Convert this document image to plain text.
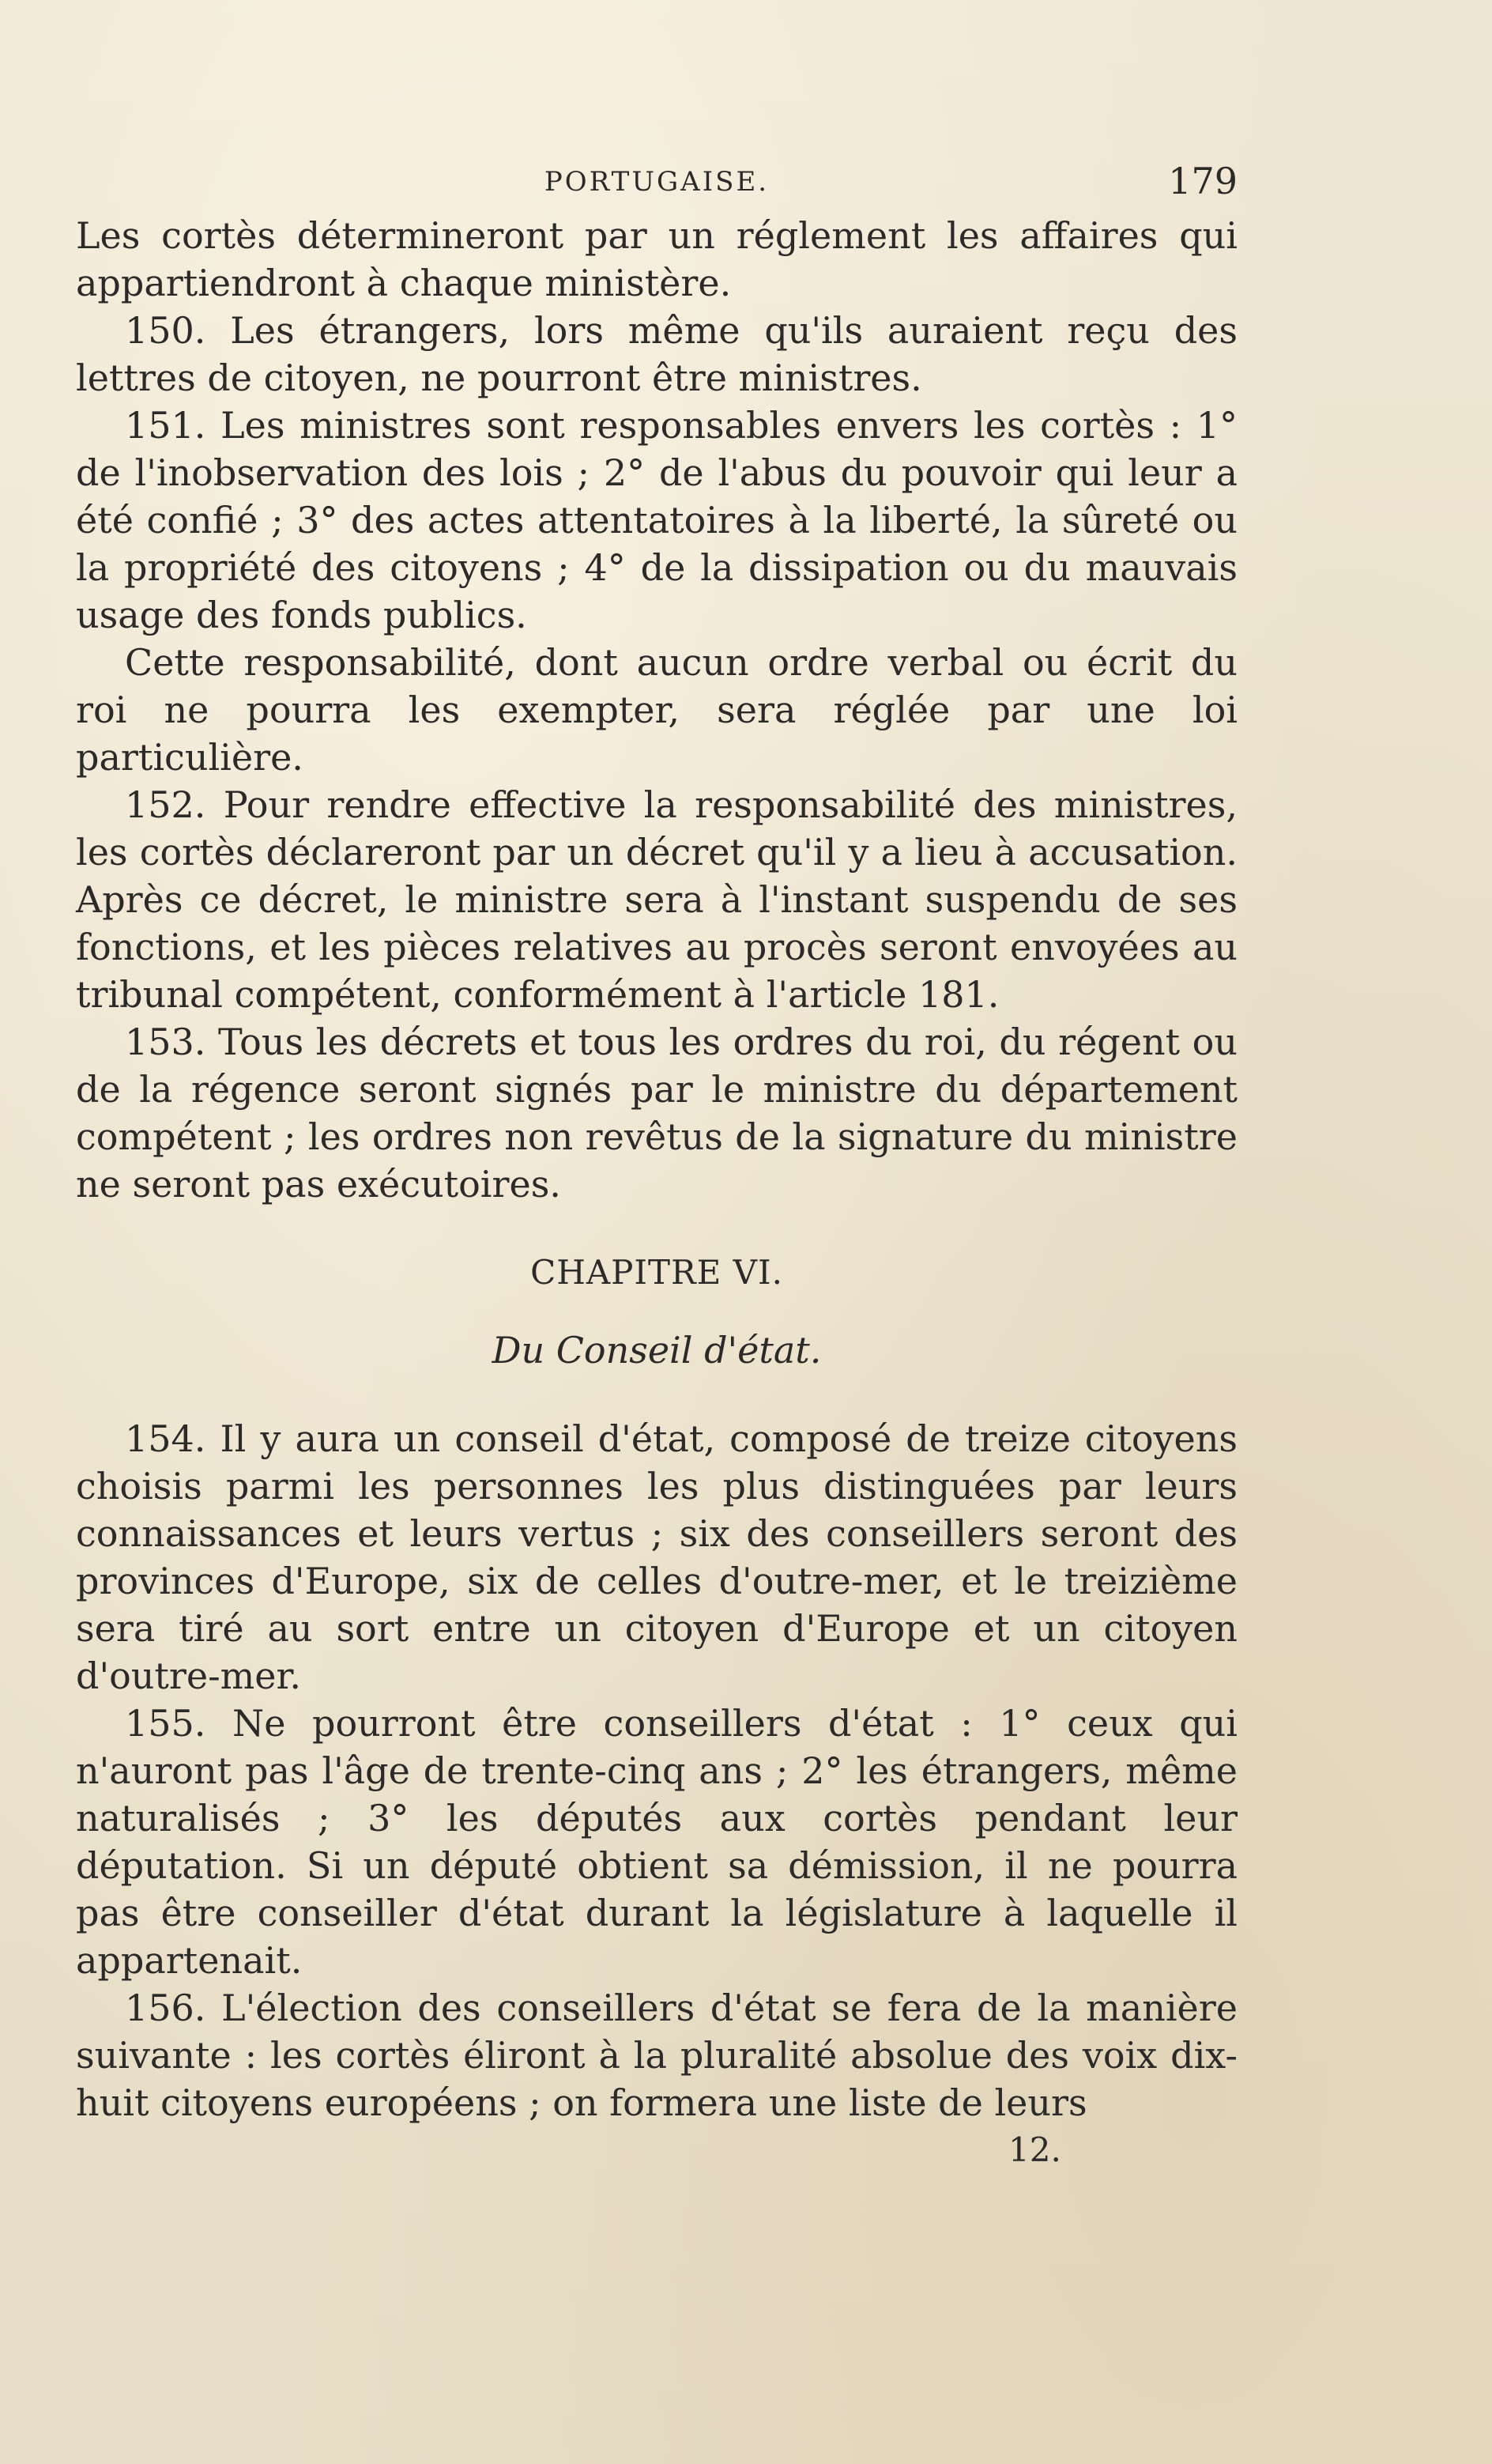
PORTUGAISE.	179

Les cortès détermineront par un réglement les affaires qui appartiendront à chaque ministère.

150. Les étrangers, lors même qu'ils auraient reçu des lettres de citoyen, ne pourront être ministres.

151. Les ministres sont responsables envers les cortès : 1° de l'inobservation des lois ; 2° de l'abus du pouvoir qui leur a été confié ; 3° des actes attentatoires à la liberté, la sûreté ou la propriété des citoyens ; 4° de la dissipation ou du mauvais usage des fonds publics.

Cette responsabilité, dont aucun ordre verbal ou écrit du roi ne pourra les exempter, sera réglée par une loi particulière.

152. Pour rendre effective la responsabilité des ministres, les cortès déclareront par un décret qu'il y a lieu à accusation. Après ce décret, le ministre sera à l'instant suspendu de ses fonctions, et les pièces relatives au procès seront envoyées au tribunal compétent, conformément à l'article 181.

153. Tous les décrets et tous les ordres du roi, du régent ou de la régence seront signés par le ministre du département compétent ; les ordres non revêtus de la signature du ministre ne seront pas exécutoires.

CHAPITRE VI.
Du Conseil d'état.

154. Il y aura un conseil d'état, composé de treize citoyens choisis parmi les personnes les plus distinguées par leurs connaissances et leurs vertus ; six des conseillers seront des provinces d'Europe, six de celles d'outre-mer, et le treizième sera tiré au sort entre un citoyen d'Europe et un citoyen d'outre-mer.

155. Ne pourront être conseillers d'état : 1° ceux qui n'auront pas l'âge de trente-cinq ans ; 2° les étrangers, même naturalisés ; 3° les députés aux cortès pendant leur députation. Si un député obtient sa démission, il ne pourra pas être conseiller d'état durant la législature à laquelle il appartenait.

156. L'élection des conseillers d'état se fera de la manière suivante : les cortès éliront à la pluralité absolue des voix dix-huit citoyens européens ; on formera une liste de leurs

12.
